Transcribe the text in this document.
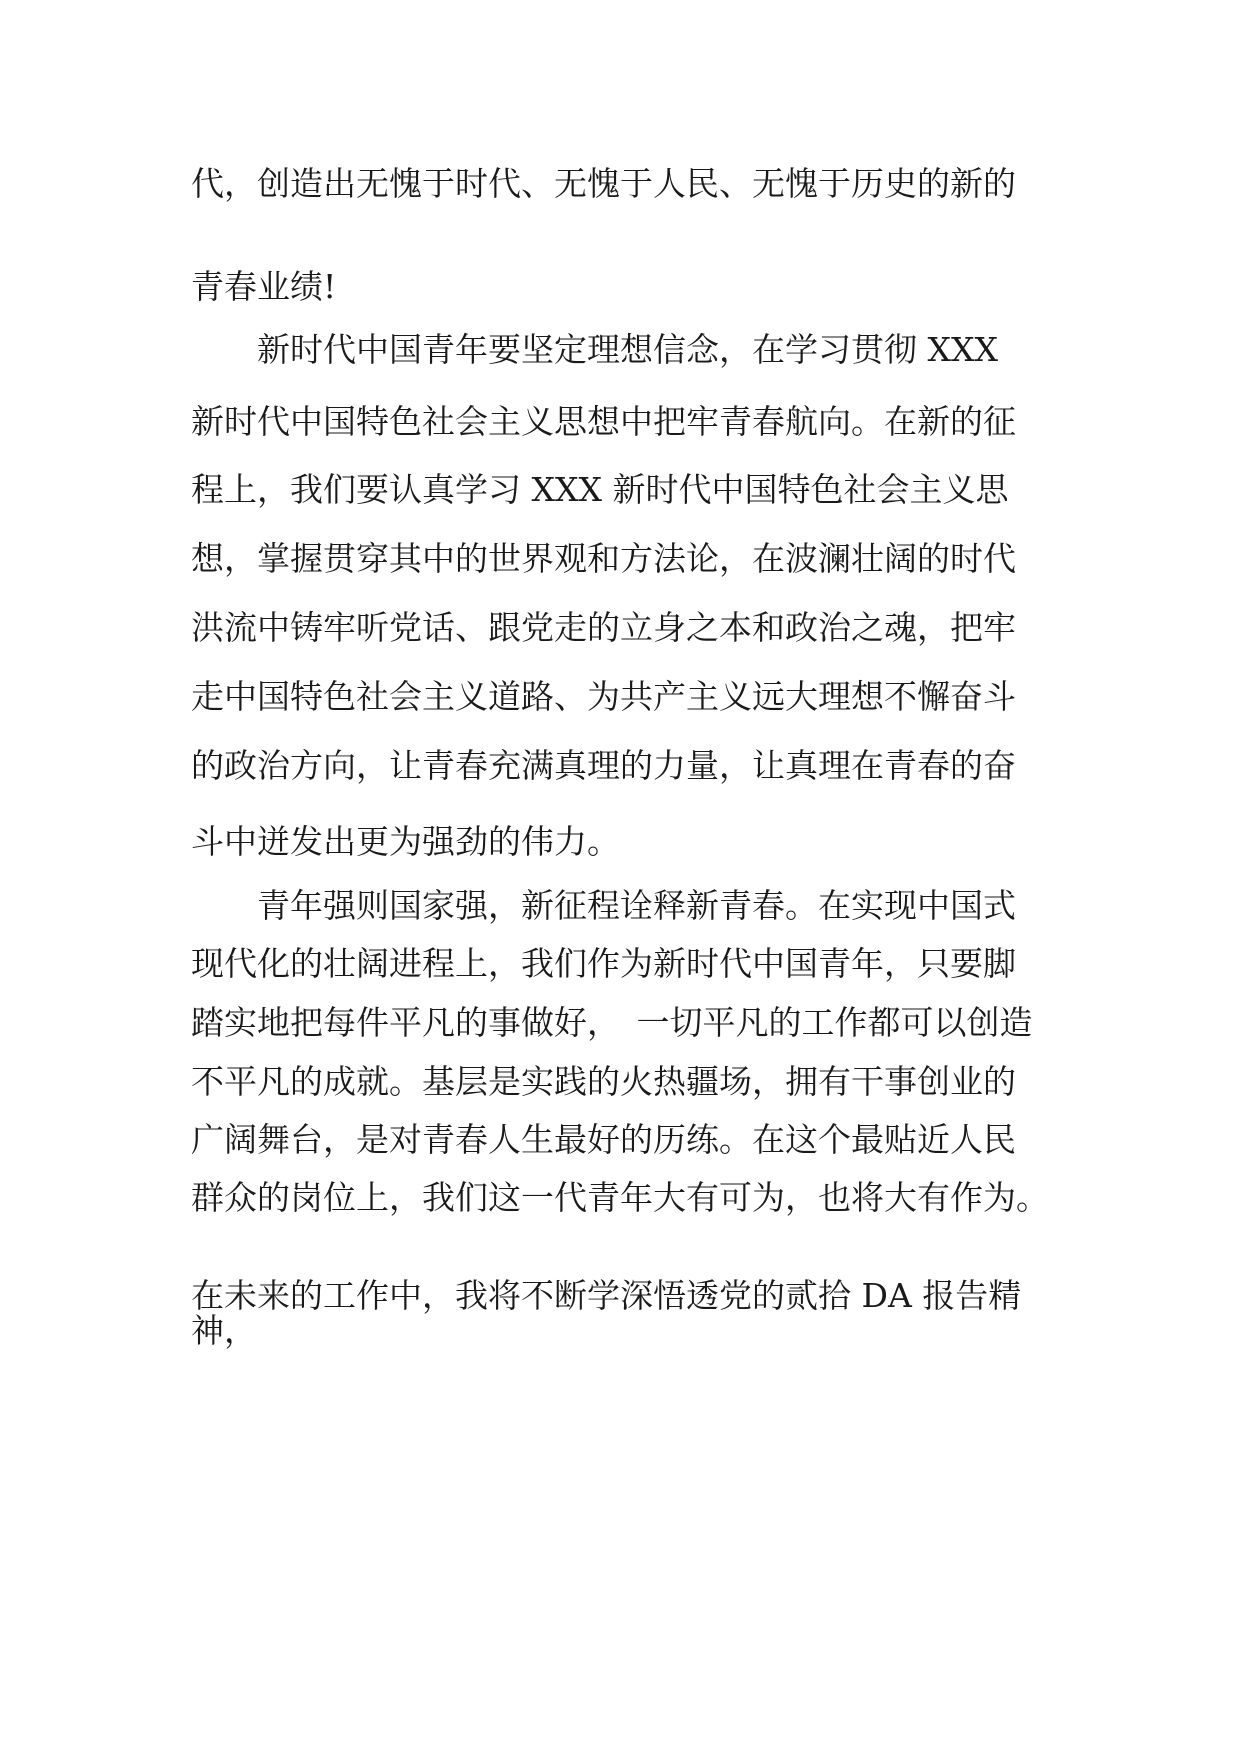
代，创造出无愧于时代、无愧于人民、无愧于历史的新的
青春业绩!
　　新时代中国青年要坚定理想信念，在学习贯彻 XXX
新时代中国特色社会主义思想中把牢青春航向。在新的征
程上，我们要认真学习 XXX 新时代中国特色社会主义思
想，掌握贯穿其中的世界观和方法论，在波澜壮阔的时代
洪流中铸牢听党话、跟党走的立身之本和政治之魂，把牢
走中国特色社会主义道路、为共产主义远大理想不懈奋斗
的政治方向，让青春充满真理的力量，让真理在青春的奋
斗中迸发出更为强劲的伟力。
　　青年强则国家强，新征程诠释新青春。在实现中国式
现代化的壮阔进程上，我们作为新时代中国青年，只要脚
踏实地把每件平凡的事做好，　一切平凡的工作都可以创造
不平凡的成就。基层是实践的火热疆场，拥有干事创业的
广阔舞台，是对青春人生最好的历练。在这个最贴近人民
群众的岗位上，我们这一代青年大有可为，也将大有作为。
在未来的工作中，我将不断学深悟透党的贰拾 DA 报告精
神，
